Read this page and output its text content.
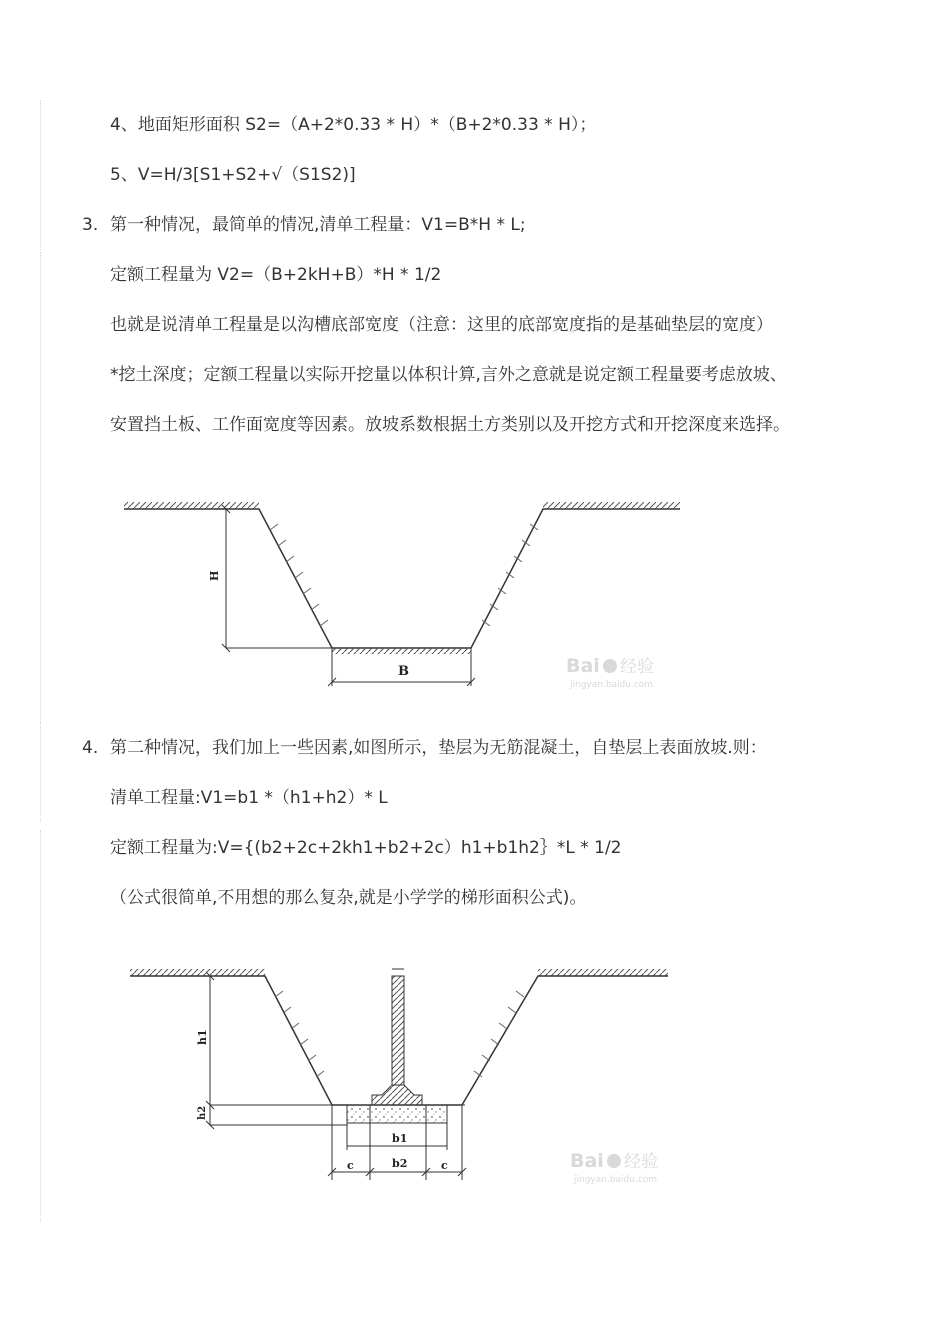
4、地面矩形面积 S2=（A+2*0.33 * H）*（B+2*0.33 * H）；
5、V=H/3[S1+S2+√（S1S2)]
3. 第一种情况，最简单的情况,清单工程量：V1=B*H * L;
定额工程量为 V2=（B+2kH+B）*H * 1/2
也就是说清单工程量是以沟槽底部宽度（注意：这里的底部宽度指的是基础垫层的宽度）
*挖土深度；定额工程量以实际开挖量以体积计算,言外之意就是说定额工程量要考虑放坡、
安置挡土板、工作面宽度等因素。放坡系数根据土方类别以及开挖方式和开挖深度来选择。
H
B	Bai 经验
jingyan.baidu.com
4. 第二种情况，我们加上一些因素,如图所示，垫层为无筋混凝土，自垫层上表面放坡.则：
清单工程量:V1=b1 *（h1+h2）* L
定额工程量为:V={(b2+2c+2kh1+b2+2c）h1+b1h2｝*L * 1/2
（公式很简单,不用想的那么复杂,就是小学学的梯形面积公式)。
h1
h2
b1
b2
c	c	Bai 经验
jingyan.baidu.com
